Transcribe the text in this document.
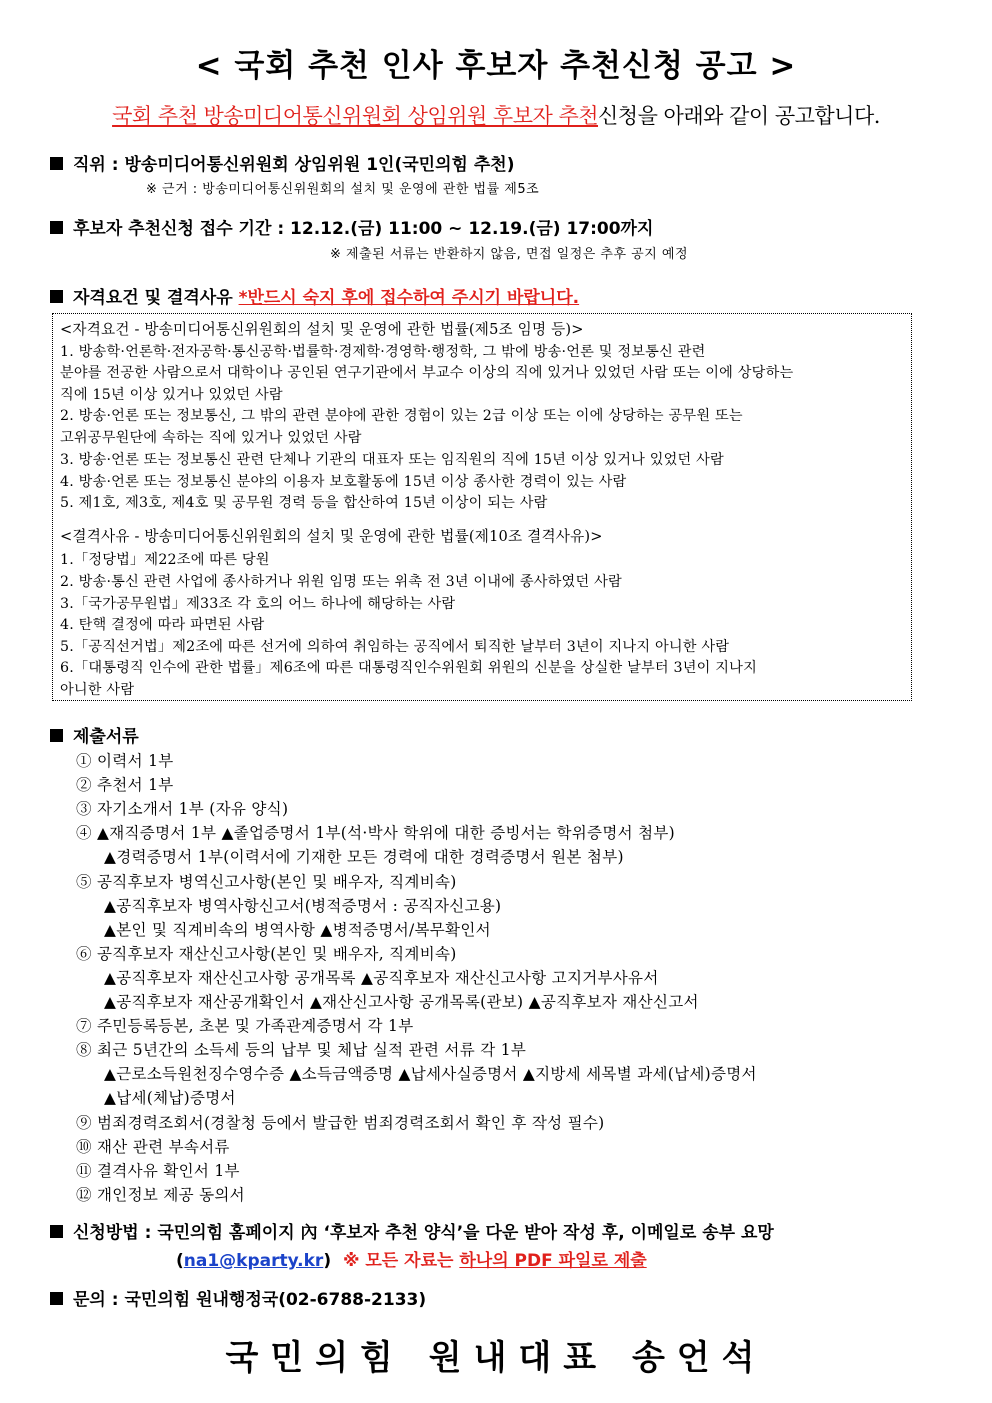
< 국회 추천 인사 후보자 추천신청 공고 >
국회 추천 방송미디어통신위원회 상임위원 후보자 추천신청을 아래와 같이 공고합니다.
직위 : 방송미디어통신위원회 상임위원 1인(국민의힘 추천)
※ 근거 : 방송미디어통신위원회의 설치 및 운영에 관한 법률 제5조
후보자 추천신청 접수 기간 : 12.12.(금) 11:00 ~ 12.19.(금) 17:00까지
※ 제출된 서류는 반환하지 않음, 면접 일정은 추후 공지 예정
자격요건 및 결격사유 *반드시 숙지 후에 접수하여 주시기 바랍니다.
<자격요건 - 방송미디어통신위원회의 설치 및 운영에 관한 법률(제5조 임명 등)>
1. 방송학·언론학·전자공학·통신공학·법률학·경제학·경영학·행정학, 그 밖에 방송·언론 및 정보통신 관련
분야를 전공한 사람으로서 대학이나 공인된 연구기관에서 부교수 이상의 직에 있거나 있었던 사람 또는 이에 상당하는
직에 15년 이상 있거나 있었던 사람
2. 방송·언론 또는 정보통신, 그 밖의 관련 분야에 관한 경험이 있는 2급 이상 또는 이에 상당하는 공무원 또는
고위공무원단에 속하는 직에 있거나 있었던 사람
3. 방송·언론 또는 정보통신 관련 단체나 기관의 대표자 또는 임직원의 직에 15년 이상 있거나 있었던 사람
4. 방송·언론 또는 정보통신 분야의 이용자 보호활동에 15년 이상 종사한 경력이 있는 사람
5. 제1호, 제3호, 제4호 및 공무원 경력 등을 합산하여 15년 이상이 되는 사람
<결격사유 - 방송미디어통신위원회의 설치 및 운영에 관한 법률(제10조 결격사유)>
1.「정당법」제22조에 따른 당원
2. 방송·통신 관련 사업에 종사하거나 위원 임명 또는 위촉 전 3년 이내에 종사하였던 사람
3.「국가공무원법」제33조 각 호의 어느 하나에 해당하는 사람
4. 탄핵 결정에 따라 파면된 사람
5.「공직선거법」제2조에 따른 선거에 의하여 취임하는 공직에서 퇴직한 날부터 3년이 지나지 아니한 사람
6.「대통령직 인수에 관한 법률」제6조에 따른 대통령직인수위원회 위원의 신분을 상실한 날부터 3년이 지나지
아니한 사람
제출서류
① 이력서 1부
② 추천서 1부
③ 자기소개서 1부 (자유 양식)
④ ▲재직증명서 1부 ▲졸업증명서 1부(석·박사 학위에 대한 증빙서는 학위증명서 첨부)
▲경력증명서 1부(이력서에 기재한 모든 경력에 대한 경력증명서 원본 첨부)
⑤ 공직후보자 병역신고사항(본인 및 배우자, 직계비속)
▲공직후보자 병역사항신고서(병적증명서 : 공직자신고용)
▲본인 및 직계비속의 병역사항 ▲병적증명서/복무확인서
⑥ 공직후보자 재산신고사항(본인 및 배우자, 직계비속)
▲공직후보자 재산신고사항 공개목록 ▲공직후보자 재산신고사항 고지거부사유서
▲공직후보자 재산공개확인서 ▲재산신고사항 공개목록(관보) ▲공직후보자 재산신고서
⑦ 주민등록등본, 초본 및 가족관계증명서 각 1부
⑧ 최근 5년간의 소득세 등의 납부 및 체납 실적 관련 서류 각 1부
▲근로소득원천징수영수증 ▲소득금액증명 ▲납세사실증명서 ▲지방세 세목별 과세(납세)증명서
▲납세(체납)증명서
⑨ 범죄경력조회서(경찰청 등에서 발급한 범죄경력조회서 확인 후 작성 필수)
⑩ 재산 관련 부속서류
⑪ 결격사유 확인서 1부
⑫ 개인정보 제공 동의서
신청방법 : 국민의힘 홈페이지 內 ‘후보자 추천 양식’을 다운 받아 작성 후, 이메일로 송부 요망
(na1@kparty.kr) ※ 모든 자료는 하나의 PDF 파일로 제출
문의 : 국민의힘 원내행정국(02-6788-2133)
국민의힘 원내대표 송언석
